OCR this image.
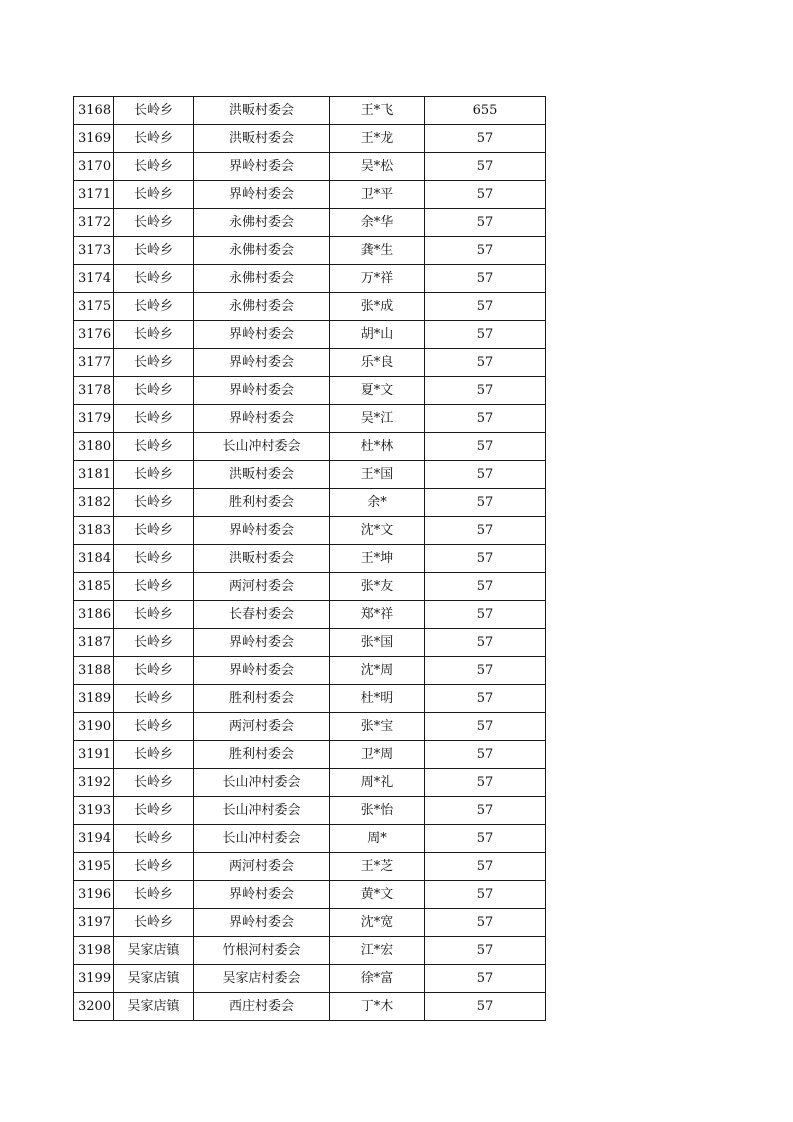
3168	长岭乡	洪畈村委会	王*飞	655
3169	长岭乡	洪畈村委会	王*龙	57
3170	长岭乡	界岭村委会	吴*松	57
3171	长岭乡	界岭村委会	卫*平	57
3172	长岭乡	永佛村委会	余*华	57
3173	长岭乡	永佛村委会	龚*生	57
3174	长岭乡	永佛村委会	万*祥	57
3175	长岭乡	永佛村委会	张*成	57
3176	长岭乡	界岭村委会	胡*山	57
3177	长岭乡	界岭村委会	乐*良	57
3178	长岭乡	界岭村委会	夏*文	57
3179	长岭乡	界岭村委会	吴*江	57
3180	长岭乡	长山冲村委会	杜*林	57
3181	长岭乡	洪畈村委会	王*国	57
3182	长岭乡	胜利村委会	余*	57
3183	长岭乡	界岭村委会	沈*文	57
3184	长岭乡	洪畈村委会	王*坤	57
3185	长岭乡	两河村委会	张*友	57
3186	长岭乡	长春村委会	郑*祥	57
3187	长岭乡	界岭村委会	张*国	57
3188	长岭乡	界岭村委会	沈*周	57
3189	长岭乡	胜利村委会	杜*明	57
3190	长岭乡	两河村委会	张*宝	57
3191	长岭乡	胜利村委会	卫*周	57
3192	长岭乡	长山冲村委会	周*礼	57
3193	长岭乡	长山冲村委会	张*怡	57
3194	长岭乡	长山冲村委会	周*	57
3195	长岭乡	两河村委会	王*芝	57
3196	长岭乡	界岭村委会	黄*文	57
3197	长岭乡	界岭村委会	沈*宽	57
3198	吴家店镇	竹根河村委会	江*宏	57
3199	吴家店镇	吴家店村委会	徐*富	57
3200	吴家店镇	西庄村委会	丁*木	57
